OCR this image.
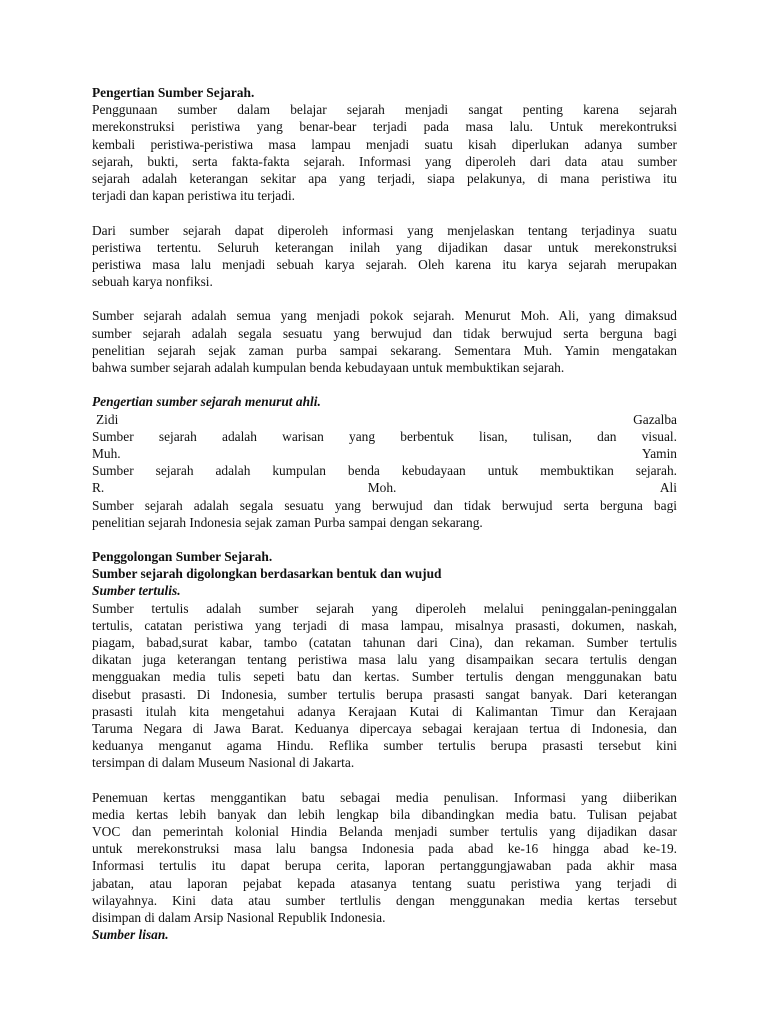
Pengertian Sumber Sejarah.
Penggunaan sumber dalam belajar sejarah menjadi sangat penting karena sejarah
merekonstruksi peristiwa yang benar-bear terjadi pada masa lalu. Untuk merekontruksi
kembali peristiwa-peristiwa masa lampau menjadi suatu kisah diperlukan adanya sumber
sejarah, bukti, serta fakta-fakta sejarah. Informasi yang diperoleh dari data atau sumber
sejarah adalah keterangan sekitar apa yang terjadi, siapa pelakunya, di mana peristiwa itu
terjadi dan kapan peristiwa itu terjadi.
Dari sumber sejarah dapat diperoleh informasi yang menjelaskan tentang terjadinya suatu
peristiwa tertentu. Seluruh keterangan inilah yang dijadikan dasar untuk merekonstruksi
peristiwa masa lalu menjadi sebuah karya sejarah. Oleh karena itu karya sejarah merupakan
sebuah karya nonfiksi.
Sumber sejarah adalah semua yang menjadi pokok sejarah. Menurut Moh. Ali, yang dimaksud
sumber sejarah adalah segala sesuatu yang berwujud dan tidak berwujud serta berguna bagi
penelitian sejarah sejak zaman purba sampai sekarang. Sementara Muh. Yamin mengatakan
bahwa sumber sejarah adalah kumpulan benda kebudayaan untuk membuktikan sejarah.
Pengertian sumber sejarah menurut ahli.
Zidi	Gazalba
Sumber sejarah adalah warisan yang berbentuk lisan, tulisan, dan visual.
Muh.	Yamin
Sumber sejarah adalah kumpulan benda kebudayaan untuk membuktikan sejarah.
R.	Moh.	Ali
Sumber sejarah adalah segala sesuatu yang berwujud dan tidak berwujud serta berguna bagi
penelitian sejarah Indonesia sejak zaman Purba sampai dengan sekarang.
Penggolongan Sumber Sejarah.
Sumber sejarah digolongkan berdasarkan bentuk dan wujud
Sumber tertulis.
Sumber tertulis adalah sumber sejarah yang diperoleh melalui peninggalan-peninggalan
tertulis, catatan peristiwa yang terjadi di masa lampau, misalnya prasasti, dokumen, naskah,
piagam, babad,surat kabar, tambo (catatan tahunan dari Cina), dan rekaman. Sumber tertulis
dikatan juga keterangan tentang peristiwa masa lalu yang disampaikan secara tertulis dengan
mengguakan media tulis sepeti batu dan kertas. Sumber tertulis dengan menggunakan batu
disebut prasasti. Di Indonesia, sumber tertulis berupa prasasti sangat banyak. Dari keterangan
prasasti itulah kita mengetahui adanya Kerajaan Kutai di Kalimantan Timur dan Kerajaan
Taruma Negara di Jawa Barat. Keduanya dipercaya sebagai kerajaan tertua di Indonesia, dan
keduanya menganut agama Hindu. Reflika sumber tertulis berupa prasasti tersebut kini
tersimpan di dalam Museum Nasional di Jakarta.
Penemuan kertas menggantikan batu sebagai media penulisan. Informasi yang diiberikan
media kertas lebih banyak dan lebih lengkap bila dibandingkan media batu. Tulisan pejabat
VOC dan pemerintah kolonial Hindia Belanda menjadi sumber tertulis yang dijadikan dasar
untuk merekonstruksi masa lalu bangsa Indonesia pada abad ke-16 hingga abad ke-19.
Informasi tertulis itu dapat berupa cerita, laporan pertanggungjawaban pada akhir masa
jabatan, atau laporan pejabat kepada atasanya tentang suatu peristiwa yang terjadi di
wilayahnya. Kini data atau sumber tertlulis dengan menggunakan media kertas tersebut
disimpan di dalam Arsip Nasional Republik Indonesia.
Sumber lisan.
